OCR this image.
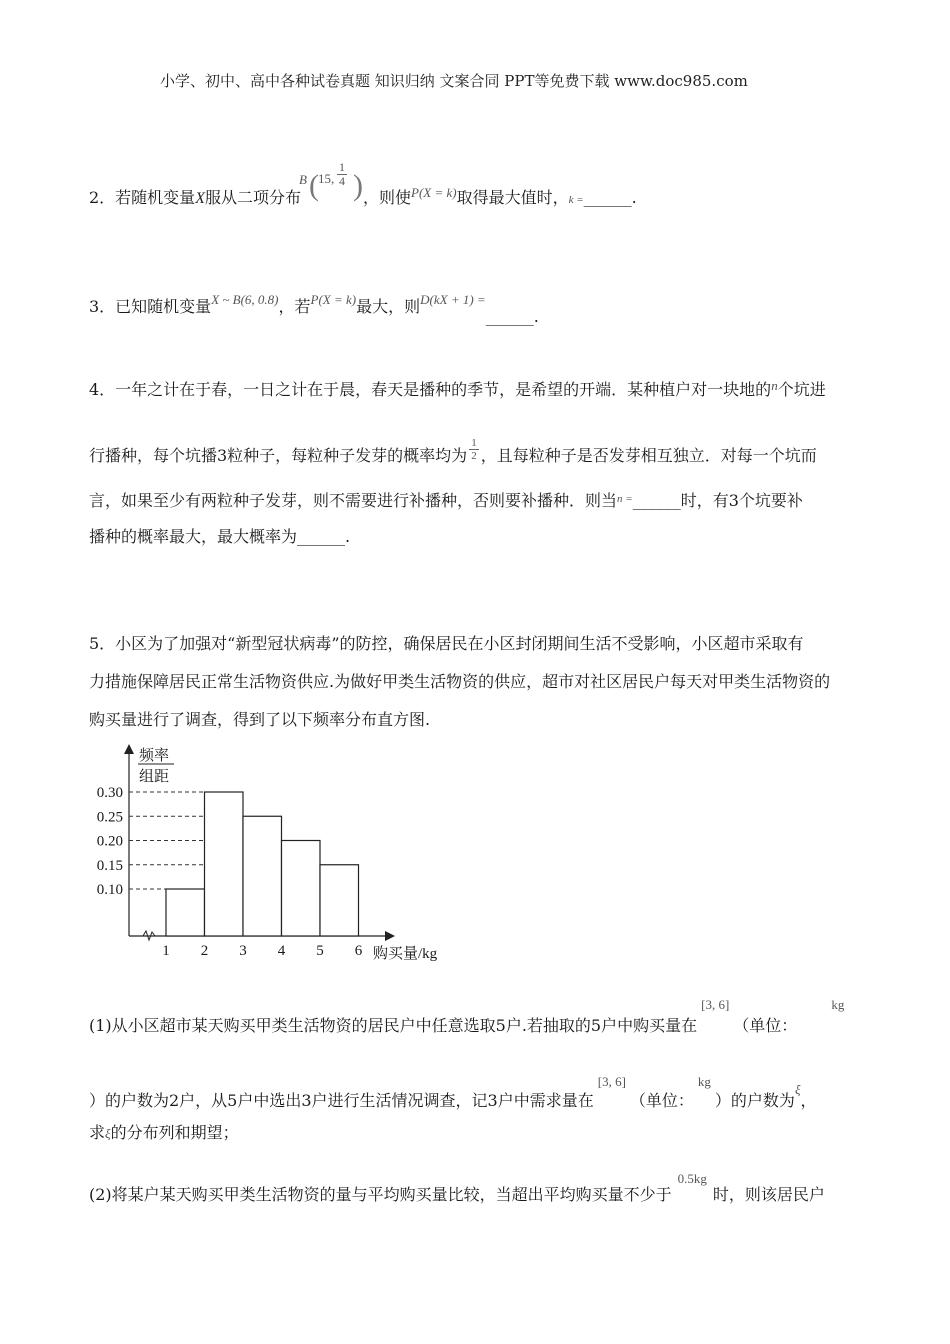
小学、初中、高中各种试卷真题 知识归纳 文案合同 PPT等免费下载 www.doc985.com
2．若随机变量X服从二项分布
B ( 15, $\frac{1}{4}$ ) ，则使$^{P(X = k)}$取得最大值时，k =______.
3．已知随机变量$^{X \sim B(6, 0.8)}$，若$^{P(X = k)}$最大，则$^{D(kX + 1) =}$______.
4．一年之计在于春，一日之计在于晨，春天是播种的季节，是希望的开端．某种植户对一块地的$^n$个坑进
行播种，每个坑播3粒种子，每粒种子发芽的概率均为 $\frac{1}{2}$ ，且每粒种子是否发芽相互独立．对每一个坑而
言，如果至少有两粒种子发芽，则不需要进行补播种，否则要补播种．则当$^{n =}$______时，有3个坑要补
播种的概率最大，最大概率为______.
5．小区为了加强对“新型冠状病毒”的防控，确保居民在小区封闭期间生活不受影响，小区超市采取有
力措施保障居民正常生活物资供应.为做好甲类生活物资的供应，超市对社区居民户每天对甲类生活物资的
购买量进行了调查，得到了以下频率分布直方图.
0.10
0.15
0.20
0.25
0.30
1 2 3 4 5 6 购买量/kg
频率
组距
(1)从小区超市某天购买甲类生活物资的居民户中任意选取5户.若抽取的5户中购买量在[3, 6]（单位：kg
）的户数为2户，从5户中选出3户进行生活情况调查，记3户中需求量在[3, 6]（单位：kg）的户数为ξ，
求ξ的分布列和期望；
(2)将某户某天购买甲类生活物资的量与平均购买量比较，当超出平均购买量不少于0.5kg时，则该居民户
